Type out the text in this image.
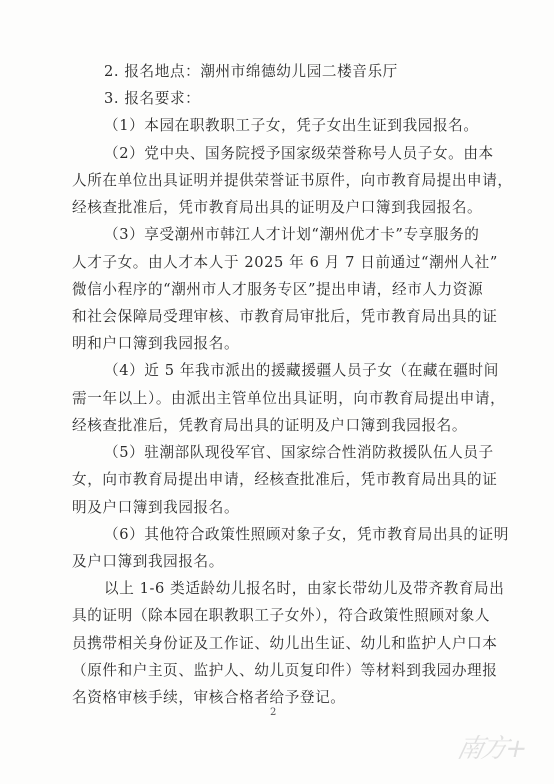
2. 报名地点：潮州市绵德幼儿园二楼音乐厅
3. 报名要求：
（1）本园在职教职工子女，凭子女出生证到我园报名。
（2）党中央、国务院授予国家级荣誉称号人员子女。由本
人所在单位出具证明并提供荣誉证书原件，向市教育局提出申请，
经核查批准后，凭市教育局出具的证明及户口簿到我园报名。
（3）享受潮州市韩江人才计划“潮州优才卡”专享服务的
人才子女。由人才本人于 2025 年 6 月 7 日前通过“潮州人社”
微信小程序的“潮州市人才服务专区”提出申请，经市人力资源
和社会保障局受理审核、市教育局审批后，凭市教育局出具的证
明和户口簿到我园报名。
（4）近 5 年我市派出的援藏援疆人员子女（在藏在疆时间
需一年以上）。由派出主管单位出具证明，向市教育局提出申请，
经核查批准后，凭教育局出具的证明及户口簿到我园报名。
（5）驻潮部队现役军官、国家综合性消防救援队伍人员子
女，向市教育局提出申请，经核查批准后，凭市教育局出具的证
明及户口簿到我园报名。
（6）其他符合政策性照顾对象子女，凭市教育局出具的证明
及户口簿到我园报名。
以上 1-6 类适龄幼儿报名时，由家长带幼儿及带齐教育局出
具的证明（除本园在职教职工子女外），符合政策性照顾对象人
员携带相关身份证及工作证、幼儿出生证、幼儿和监护人户口本
（原件和户主页、监护人、幼儿页复印件）等材料到我园办理报
名资格审核手续，审核合格者给予登记。
2
南方+
